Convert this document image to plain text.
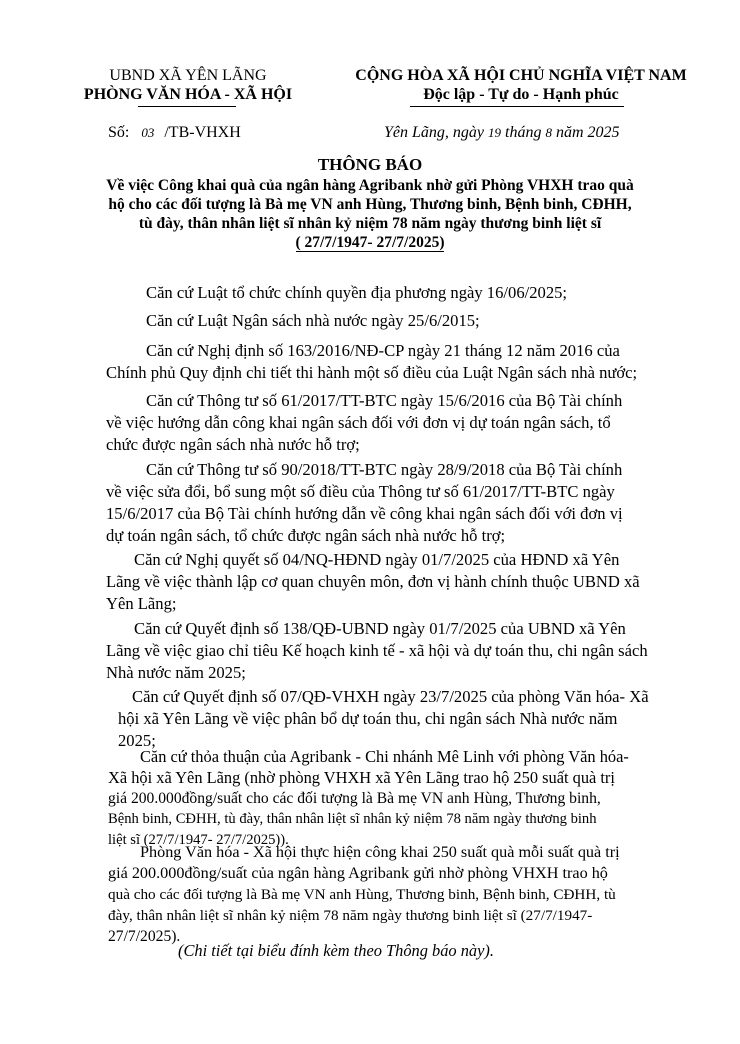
UBND XÃ YÊN LÃNG
PHÒNG VĂN HÓA - XÃ HỘI
CỘNG HÒA XÃ HỘI CHỦ NGHĨA VIỆT NAM
Độc lập - Tự do - Hạnh phúc
Số: 03 /TB-VHXH	Yên Lãng, ngày 19 tháng 8 năm 2025
THÔNG BÁO
Về việc Công khai quà của ngân hàng Agribank nhờ gửi Phòng VHXH trao quà
hộ cho các đối tượng là Bà mẹ VN anh Hùng, Thương binh, Bệnh binh, CĐHH,
tù đày, thân nhân liệt sĩ nhân kỷ niệm 78 năm ngày thương binh liệt sĩ
( 27/7/1947- 27/7/2025)
Căn cứ Luật tổ chức chính quyền địa phương ngày 16/06/2025;
Căn cứ Luật Ngân sách nhà nước ngày 25/6/2015;
Căn cứ Nghị định số 163/2016/NĐ-CP ngày 21 tháng 12 năm 2016 của
Chính phủ Quy định chi tiết thi hành một số điều của Luật Ngân sách nhà nước;
Căn cứ Thông tư số 61/2017/TT-BTC ngày 15/6/2016 của Bộ Tài chính
về việc hướng dẫn công khai ngân sách đối với đơn vị dự toán ngân sách, tổ
chức được ngân sách nhà nước hỗ trợ;
Căn cứ Thông tư số 90/2018/TT-BTC ngày 28/9/2018 của Bộ Tài chính
về việc sửa đổi, bổ sung một số điều của Thông tư số 61/2017/TT-BTC ngày
15/6/2017 của Bộ Tài chính hướng dẫn về công khai ngân sách đối với đơn vị
dự toán ngân sách, tổ chức được ngân sách nhà nước hỗ trợ;
Căn cứ Nghị quyết số 04/NQ-HĐND ngày 01/7/2025 của HĐND xã Yên
Lãng về việc thành lập cơ quan chuyên môn, đơn vị hành chính thuộc UBND xã
Yên Lãng;
Căn cứ Quyết định số 138/QĐ-UBND ngày 01/7/2025 của UBND xã Yên
Lãng về việc giao chỉ tiêu Kế hoạch kinh tế - xã hội và dự toán thu, chi ngân sách
Nhà nước năm 2025;
Căn cứ Quyết định số 07/QĐ-VHXH ngày 23/7/2025 của phòng Văn hóa- Xã
hội xã Yên Lãng về việc phân bổ dự toán thu, chi ngân sách Nhà nước năm
2025;
Căn cứ thỏa thuận của Agribank - Chi nhánh Mê Linh với phòng Văn hóa-
Xã hội xã Yên Lãng (nhờ phòng VHXH xã Yên Lãng trao hộ 250 suất quà trị
giá 200.000đồng/suất cho các đối tượng là Bà mẹ VN anh Hùng, Thương binh,
Bệnh binh, CĐHH, tù đày, thân nhân liệt sĩ nhân kỷ niệm 78 năm ngày thương binh
liệt sĩ (27/7/1947- 27/7/2025)).
Phòng Văn hóa - Xã hội thực hiện công khai 250 suất quà mỗi suất quà trị
giá 200.000đồng/suất của ngân hàng Agribank gửi nhờ phòng VHXH trao hộ
quà cho các đối tượng là Bà mẹ VN anh Hùng, Thương binh, Bệnh binh, CĐHH, tù
đày, thân nhân liệt sĩ nhân kỷ niệm 78 năm ngày thương binh liệt sĩ (27/7/1947-
27/7/2025).
(Chi tiết tại biểu đính kèm theo Thông báo này).
